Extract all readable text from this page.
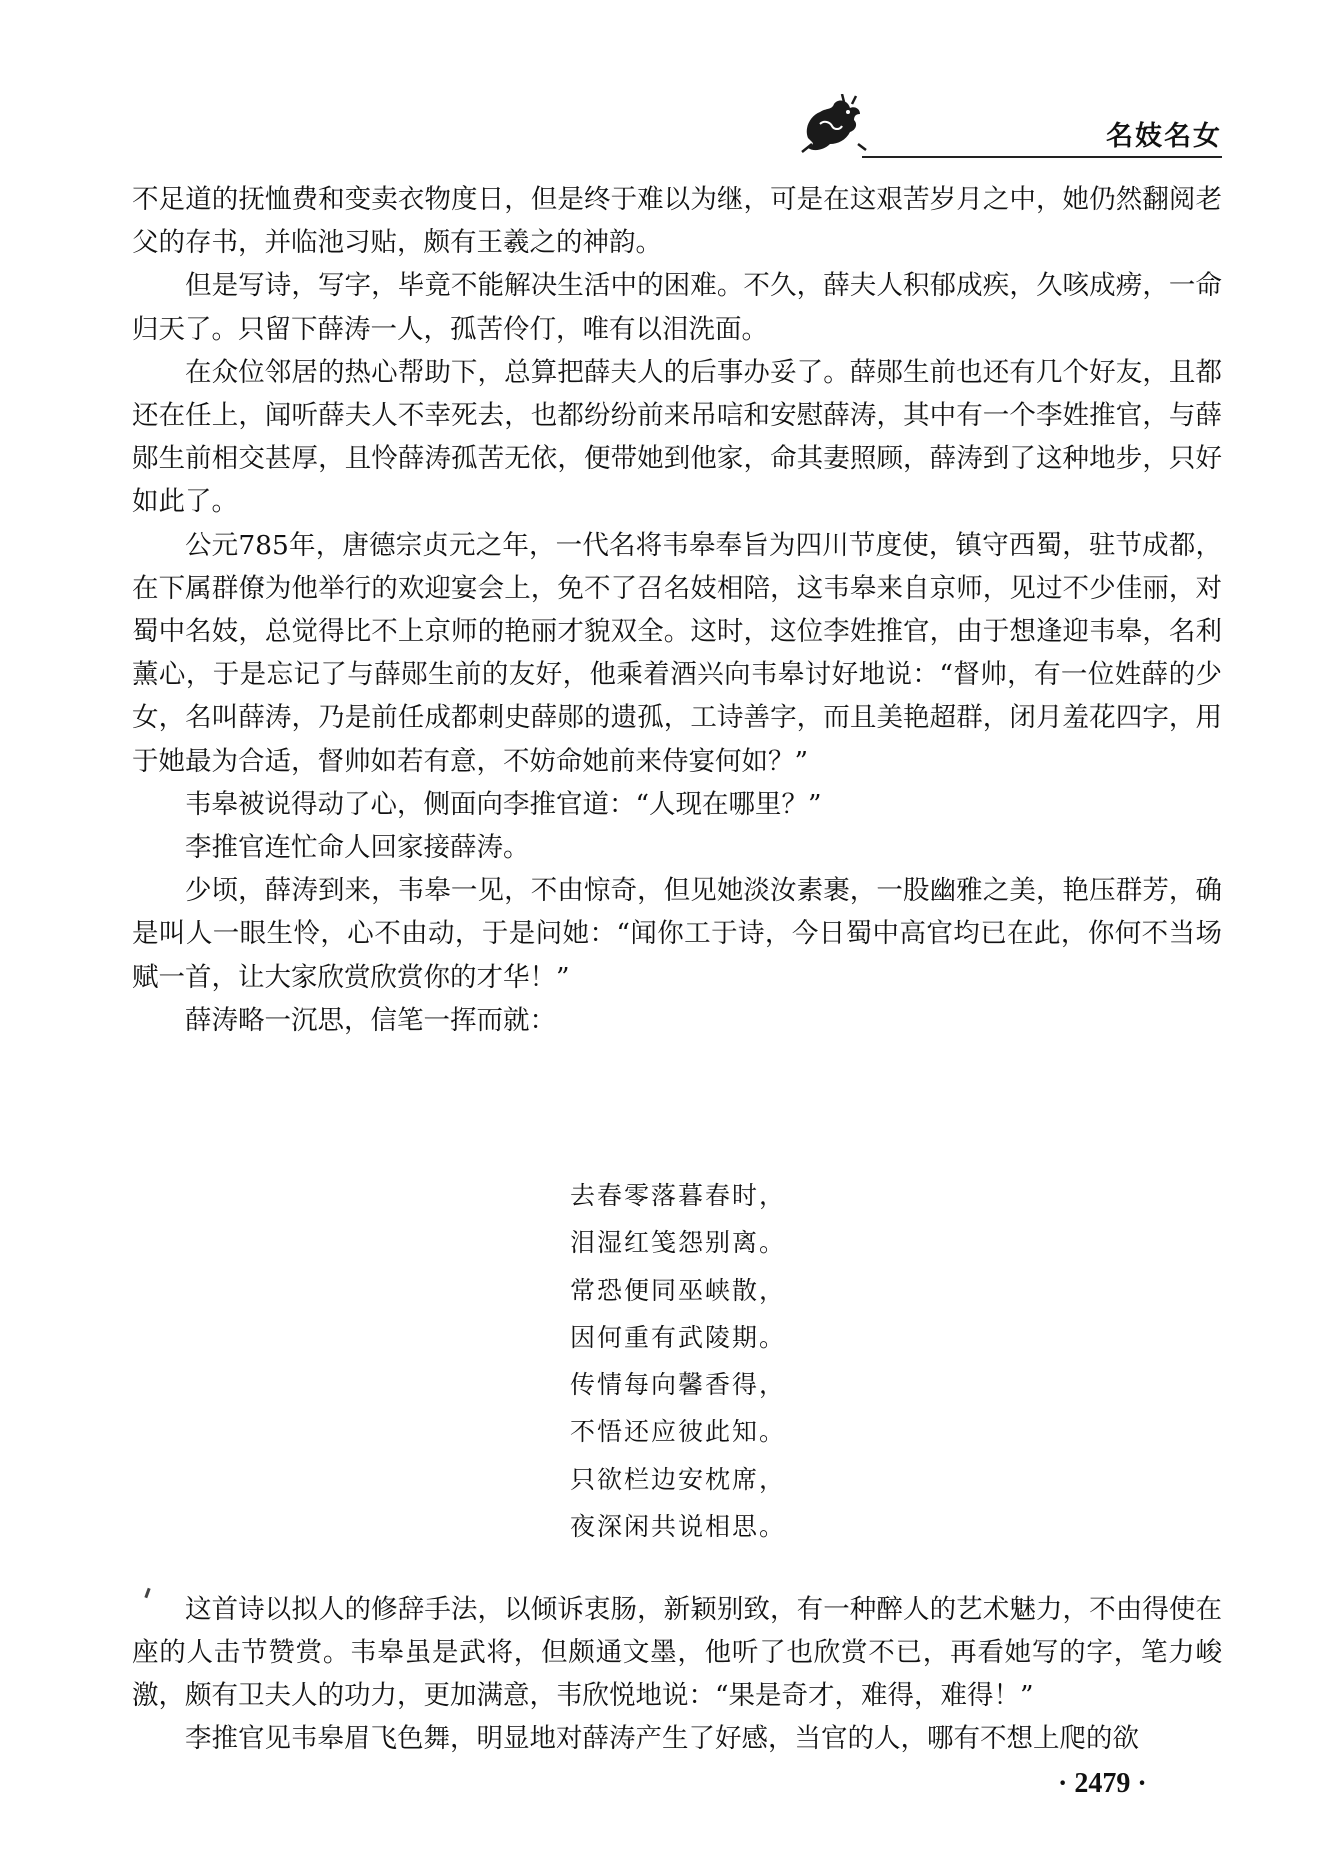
名妓名女

不足道的抚恤费和变卖衣物度日，但是终于难以为继，可是在这艰苦岁月之中，她仍然翻阅老父的存书，并临池习贴，颇有王羲之的神韵。

但是写诗，写字，毕竟不能解决生活中的困难。不久，薛夫人积郁成疾，久咳成痨，一命归天了。只留下薛涛一人，孤苦伶仃，唯有以泪洗面。

在众位邻居的热心帮助下，总算把薛夫人的后事办妥了。薛郧生前也还有几个好友，且都还在任上，闻听薛夫人不幸死去，也都纷纷前来吊唁和安慰薛涛，其中有一个李姓推官，与薛郧生前相交甚厚，且怜薛涛孤苦无依，便带她到他家，命其妻照顾，薛涛到了这种地步，只好如此了。

公元785年，唐德宗贞元之年，一代名将韦皋奉旨为四川节度使，镇守西蜀，驻节成都，在下属群僚为他举行的欢迎宴会上，免不了召名妓相陪，这韦皋来自京师，见过不少佳丽，对蜀中名妓，总觉得比不上京师的艳丽才貌双全。这时，这位李姓推官，由于想逢迎韦皋，名利薰心，于是忘记了与薛郧生前的友好，他乘着酒兴向韦皋讨好地说：“督帅，有一位姓薛的少女，名叫薛涛，乃是前任成都刺史薛郧的遗孤，工诗善字，而且美艳超群，闭月羞花四字，用于她最为合适，督帅如若有意，不妨命她前来侍宴何如？”

韦皋被说得动了心，侧面向李推官道：“人现在哪里？”

李推官连忙命人回家接薛涛。

少顷，薛涛到来，韦皋一见，不由惊奇，但见她淡汝素裹，一股幽雅之美，艳压群芳，确是叫人一眼生怜，心不由动，于是问她：“闻你工于诗，今日蜀中高官均已在此，你何不当场赋一首，让大家欣赏欣赏你的才华！”

薛涛略一沉思，信笔一挥而就：

去春零落暮春时，
泪湿红笺怨别离。
常恐便同巫峡散，
因何重有武陵期。
传情每向馨香得，
不悟还应彼此知。
只欲栏边安枕席，
夜深闲共说相思。

这首诗以拟人的修辞手法，以倾诉衷肠，新颖别致，有一种醉人的艺术魅力，不由得使在座的人击节赞赏。韦皋虽是武将，但颇通文墨，他听了也欣赏不已，再看她写的字，笔力峻激，颇有卫夫人的功力，更加满意，韦欣悦地说：“果是奇才，难得，难得！”

李推官见韦皋眉飞色舞，明显地对薛涛产生了好感，当官的人，哪有不想上爬的欲

· 2479 ·
